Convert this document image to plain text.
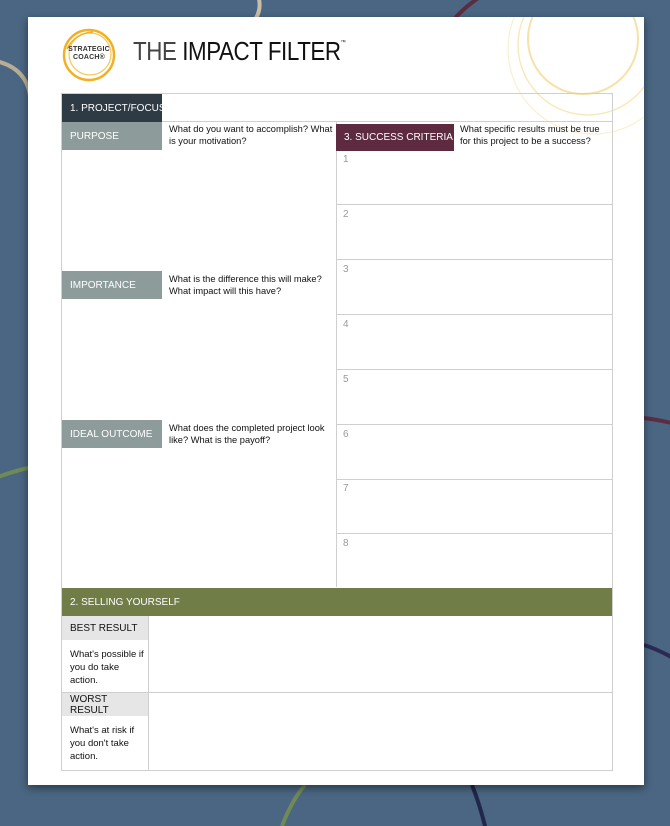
STRATEGIC
COACH®	THE IMPACT FILTER™
1. PROJECT/FOCUS
PURPOSE
What do you want to accomplish? What is your motivation?
IMPORTANCE
What is the difference this will make? What impact will this have?
IDEAL OUTCOME
What does the completed project look like? What is the payoff?
3. SUCCESS CRITERIA
What specific results must be true for this project to be a success?
1
2
3
4
5
6
7
8
2. SELLING YOURSELF
BEST RESULT
What's possible if you do take action.
WORST RESULT
What's at risk if you don't take action.
